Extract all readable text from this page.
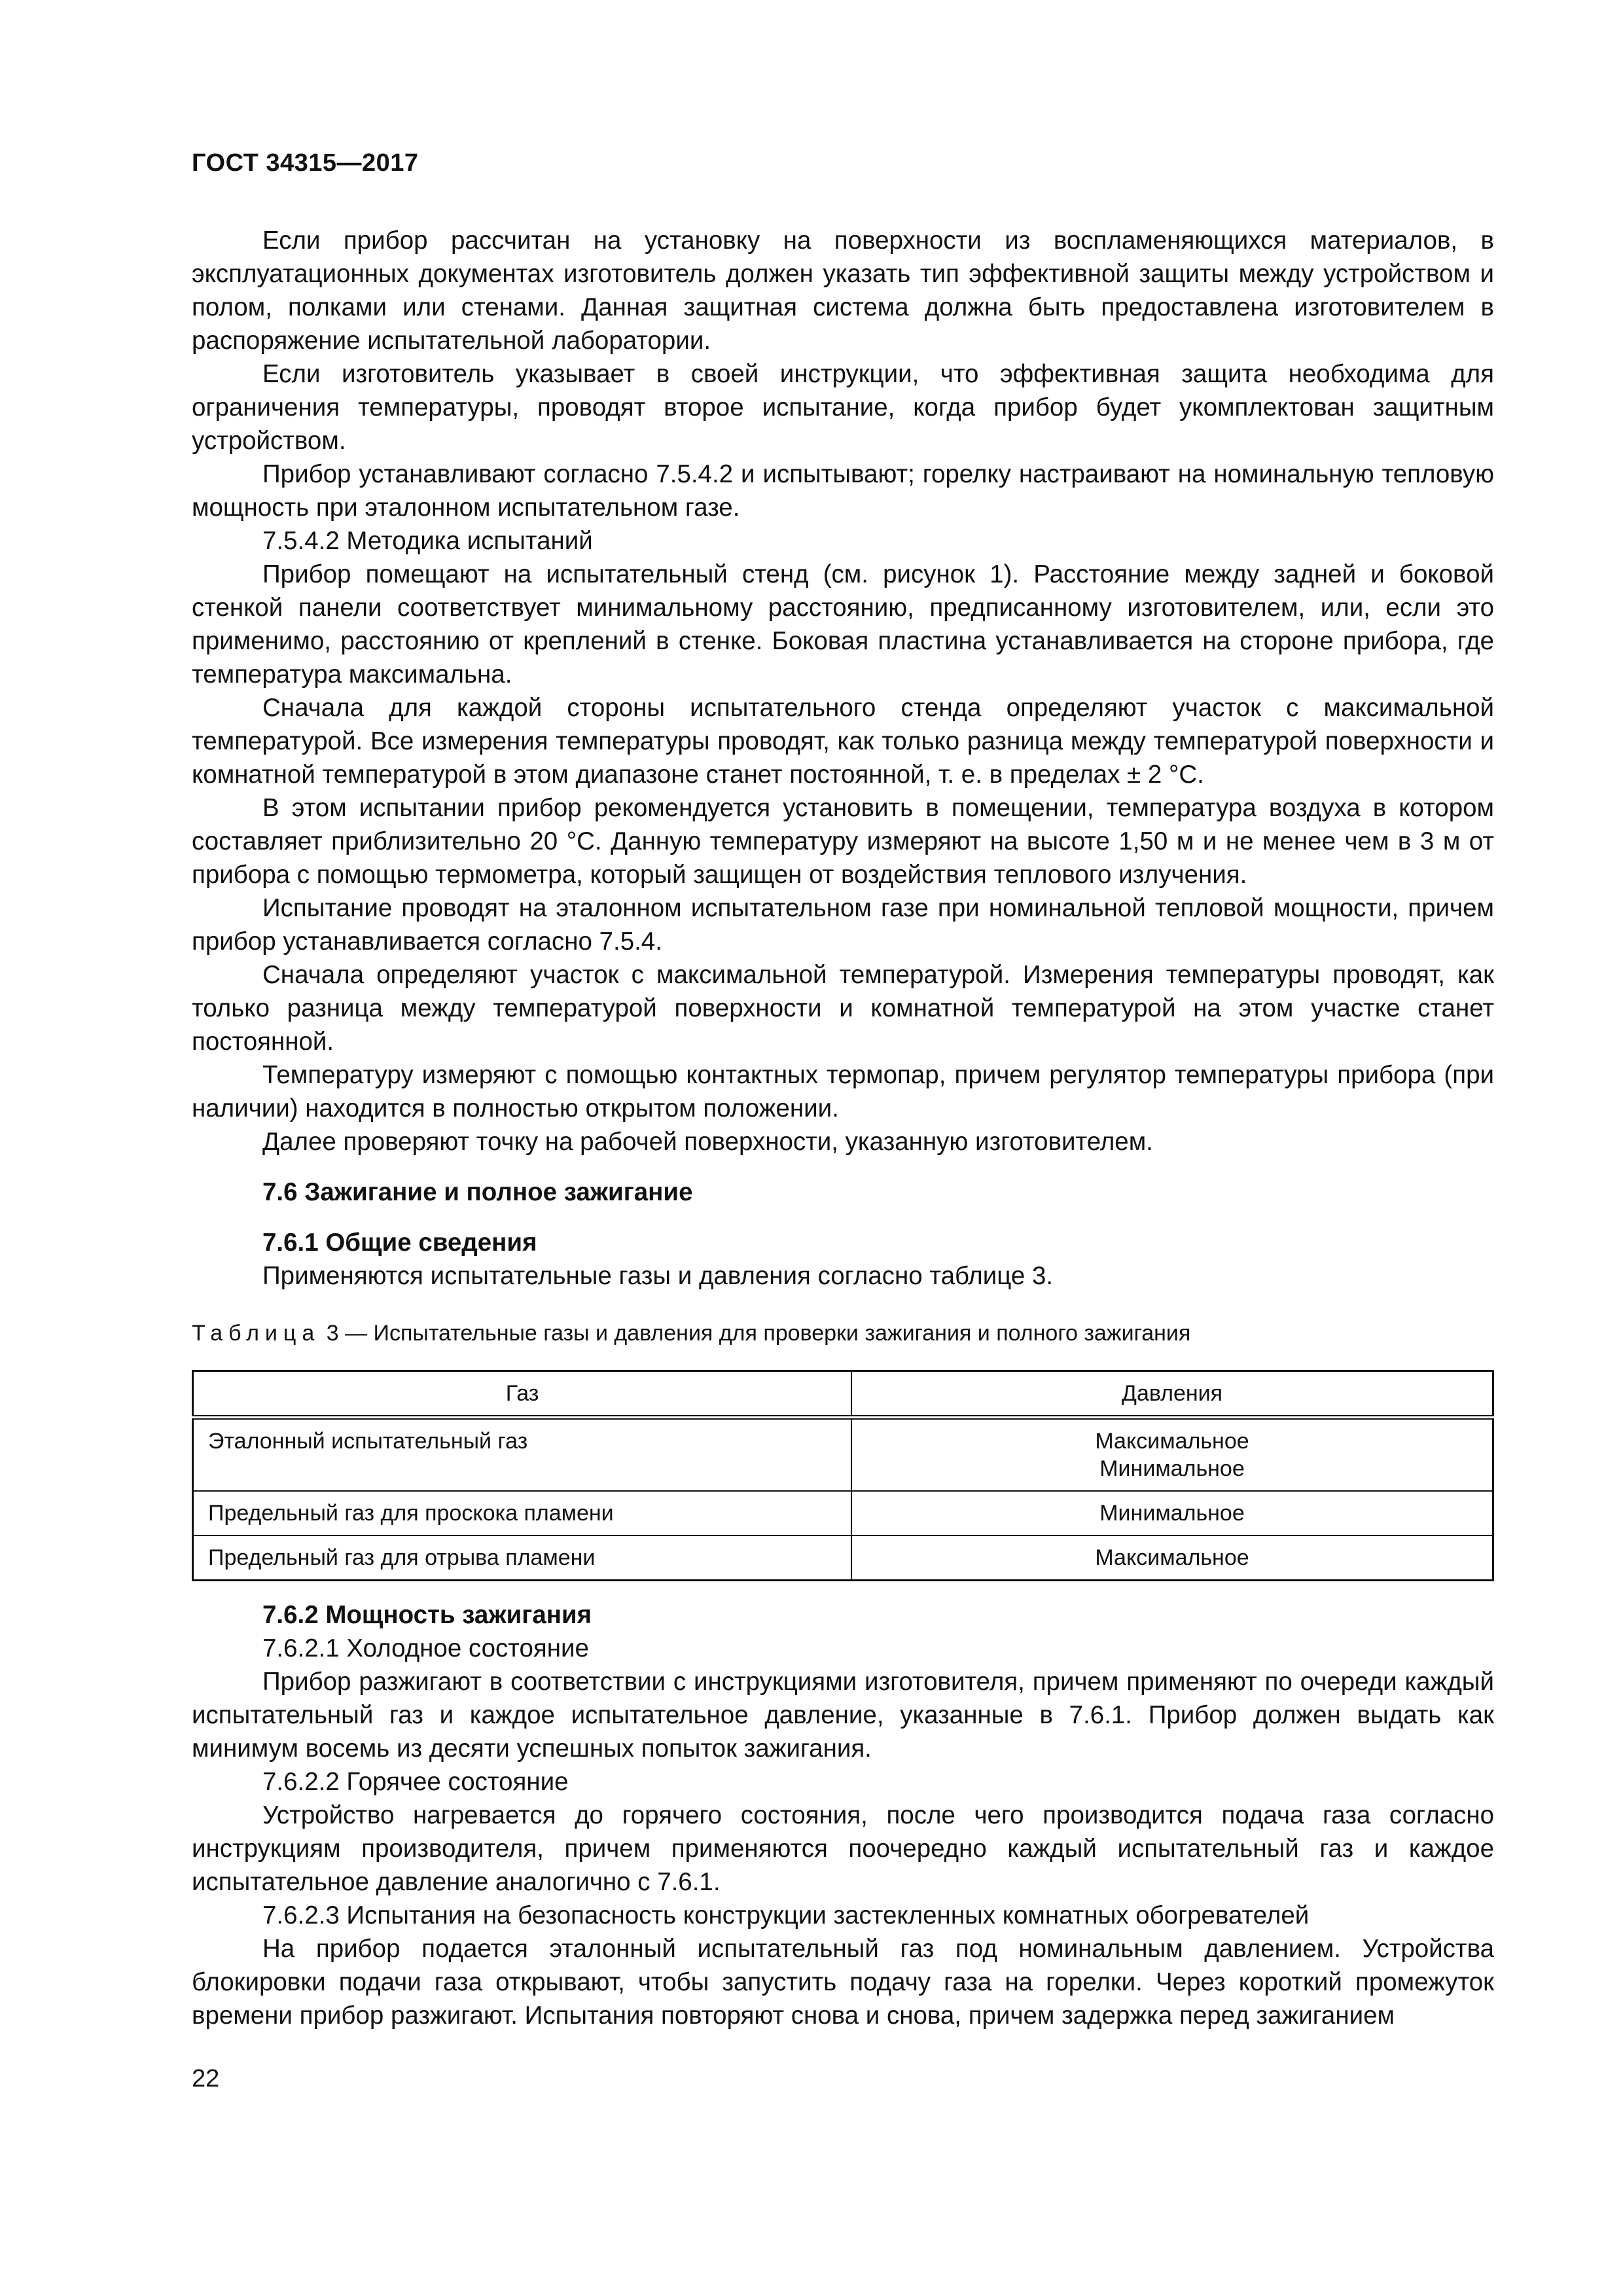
ГОСТ 34315—2017

Если прибор рассчитан на установку на поверхности из воспламеняющихся материалов, в эксплуатационных документах изготовитель должен указать тип эффективной защиты между устройством и полом, полками или стенами. Данная защитная система должна быть предоставлена изготовителем в распоряжение испытательной лаборатории.

Если изготовитель указывает в своей инструкции, что эффективная защита необходима для ограничения температуры, проводят второе испытание, когда прибор будет укомплектован защитным устройством.

Прибор устанавливают согласно 7.5.4.2 и испытывают; горелку настраивают на номинальную тепловую мощность при эталонном испытательном газе.

7.5.4.2 Методика испытаний

Прибор помещают на испытательный стенд (см. рисунок 1). Расстояние между задней и боковой стенкой панели соответствует минимальному расстоянию, предписанному изготовителем, или, если это применимо, расстоянию от креплений в стенке. Боковая пластина устанавливается на стороне прибора, где температура максимальна.

Сначала для каждой стороны испытательного стенда определяют участок с максимальной температурой. Все измерения температуры проводят, как только разница между температурой поверхности и комнатной температурой в этом диапазоне станет постоянной, т. е. в пределах ± 2 °С.

В этом испытании прибор рекомендуется установить в помещении, температура воздуха в котором составляет приблизительно 20 °С. Данную температуру измеряют на высоте 1,50 м и не менее чем в 3 м от прибора с помощью термометра, который защищен от воздействия теплового излучения.

Испытание проводят на эталонном испытательном газе при номинальной тепловой мощности, причем прибор устанавливается согласно 7.5.4.

Сначала определяют участок с максимальной температурой. Измерения температуры проводят, как только разница между температурой поверхности и комнатной температурой на этом участке станет постоянной.

Температуру измеряют с помощью контактных термопар, причем регулятор температуры прибора (при наличии) находится в полностью открытом положении.

Далее проверяют точку на рабочей поверхности, указанную изготовителем.

7.6 Зажигание и полное зажигание

7.6.1 Общие сведения

Применяются испытательные газы и давления согласно таблице 3.

Таблица 3 — Испытательные газы и давления для проверки зажигания и полного зажигания

Газ	Давления
Эталонный испытательный газ	Максимальное
Минимальное

Предельный газ для проскока пламени	Минимальное
Предельный газ для отрыва пламени	Максимальное

7.6.2 Мощность зажигания

7.6.2.1 Холодное состояние

Прибор разжигают в соответствии с инструкциями изготовителя, причем применяют по очереди каждый испытательный газ и каждое испытательное давление, указанные в 7.6.1. Прибор должен выдать как минимум восемь из десяти успешных попыток зажигания.

7.6.2.2 Горячее состояние

Устройство нагревается до горячего состояния, после чего производится подача газа согласно инструкциям производителя, причем применяются поочередно каждый испытательный газ и каждое испытательное давление аналогично с 7.6.1.

7.6.2.3 Испытания на безопасность конструкции застекленных комнатных обогревателей

На прибор подается эталонный испытательный газ под номинальным давлением. Устройства блокировки подачи газа открывают, чтобы запустить подачу газа на горелки. Через короткий промежуток времени прибор разжигают. Испытания повторяют снова и снова, причем задержка перед зажиганием

22
